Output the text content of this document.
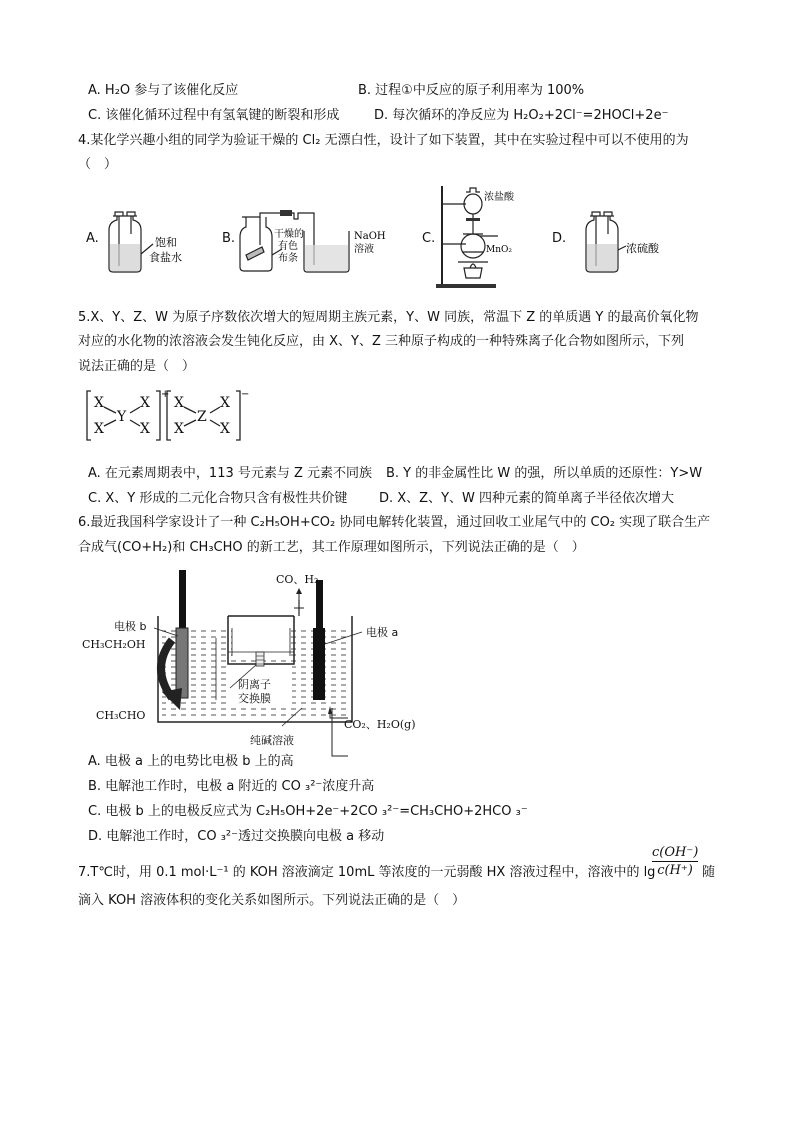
A. H₂O 参与了该催化反应	B. 过程①中反应的原子利用率为 100%
C. 该催化循环过程中有氢氧键的断裂和形成	D. 每次循环的净反应为 H₂O₂+2Cl⁻=2HOCl+2e⁻
4.某化学兴趣小组的同学为验证干燥的 Cl₂ 无漂白性，设计了如下装置，其中在实验过程中可以不使用的为
（　）
A.	B.	C.	D.
饱和
食盐水
干燥的
有色
布条
NaOH
溶液
浓盐酸
MnO₂	浓硫酸
5.X、Y、Z、W 为原子序数依次增大的短周期主族元素，Y、W 同族，常温下 Z 的单质遇 Y 的最高价氧化物
对应的水化物的浓溶液会发生钝化反应，由 X、Y、Z 三种原子构成的一种特殊离子化合物如图所示，下列
说法正确的是（　）
X	X
X	X
Y
X	X
X	X
Z
+	−
A. 在元素周期表中，113 号元素与 Z 元素不同族 B. Y 的非金属性比 W 的强，所以单质的还原性：Y>W
C. X、Y 形成的二元化合物只含有极性共价键 D. X、Z、Y、W 四种元素的简单离子半径依次增大
6.最近我国科学家设计了一种 C₂H₅OH+CO₂ 协同电解转化装置，通过回收工业尾气中的 CO₂ 实现了联合生产
合成气(CO+H₂)和 CH₃CHO 的新工艺，其工作原理如图所示，下列说法正确的是（　）
CO、H₂
电极 b	电极 a
CH₃CH₂OH
阴离子
交换膜
CH₃CHO
CO₂、H₂O(g)
纯碱溶液
A. 电极 a 上的电势比电极 b 上的高
B. 电解池工作时，电极 a 附近的 CO ₃²⁻浓度升高
C. 电极 b 上的电极反应式为 C₂H₅OH+2e⁻+2CO ₃²⁻=CH₃CHO+2HCO ₃⁻
D. 电解池工作时，CO ₃²⁻透过交换膜向电极 a 移动
7.T℃时，用 0.1 mol·L⁻¹ 的 KOH 溶液滴定 10mL 等浓度的一元弱酸 HX 溶液过程中，溶液中的 lg
c(OH⁻)
c(H⁺) 随
滴入 KOH 溶液体积的变化关系如图所示。下列说法正确的是（　）
